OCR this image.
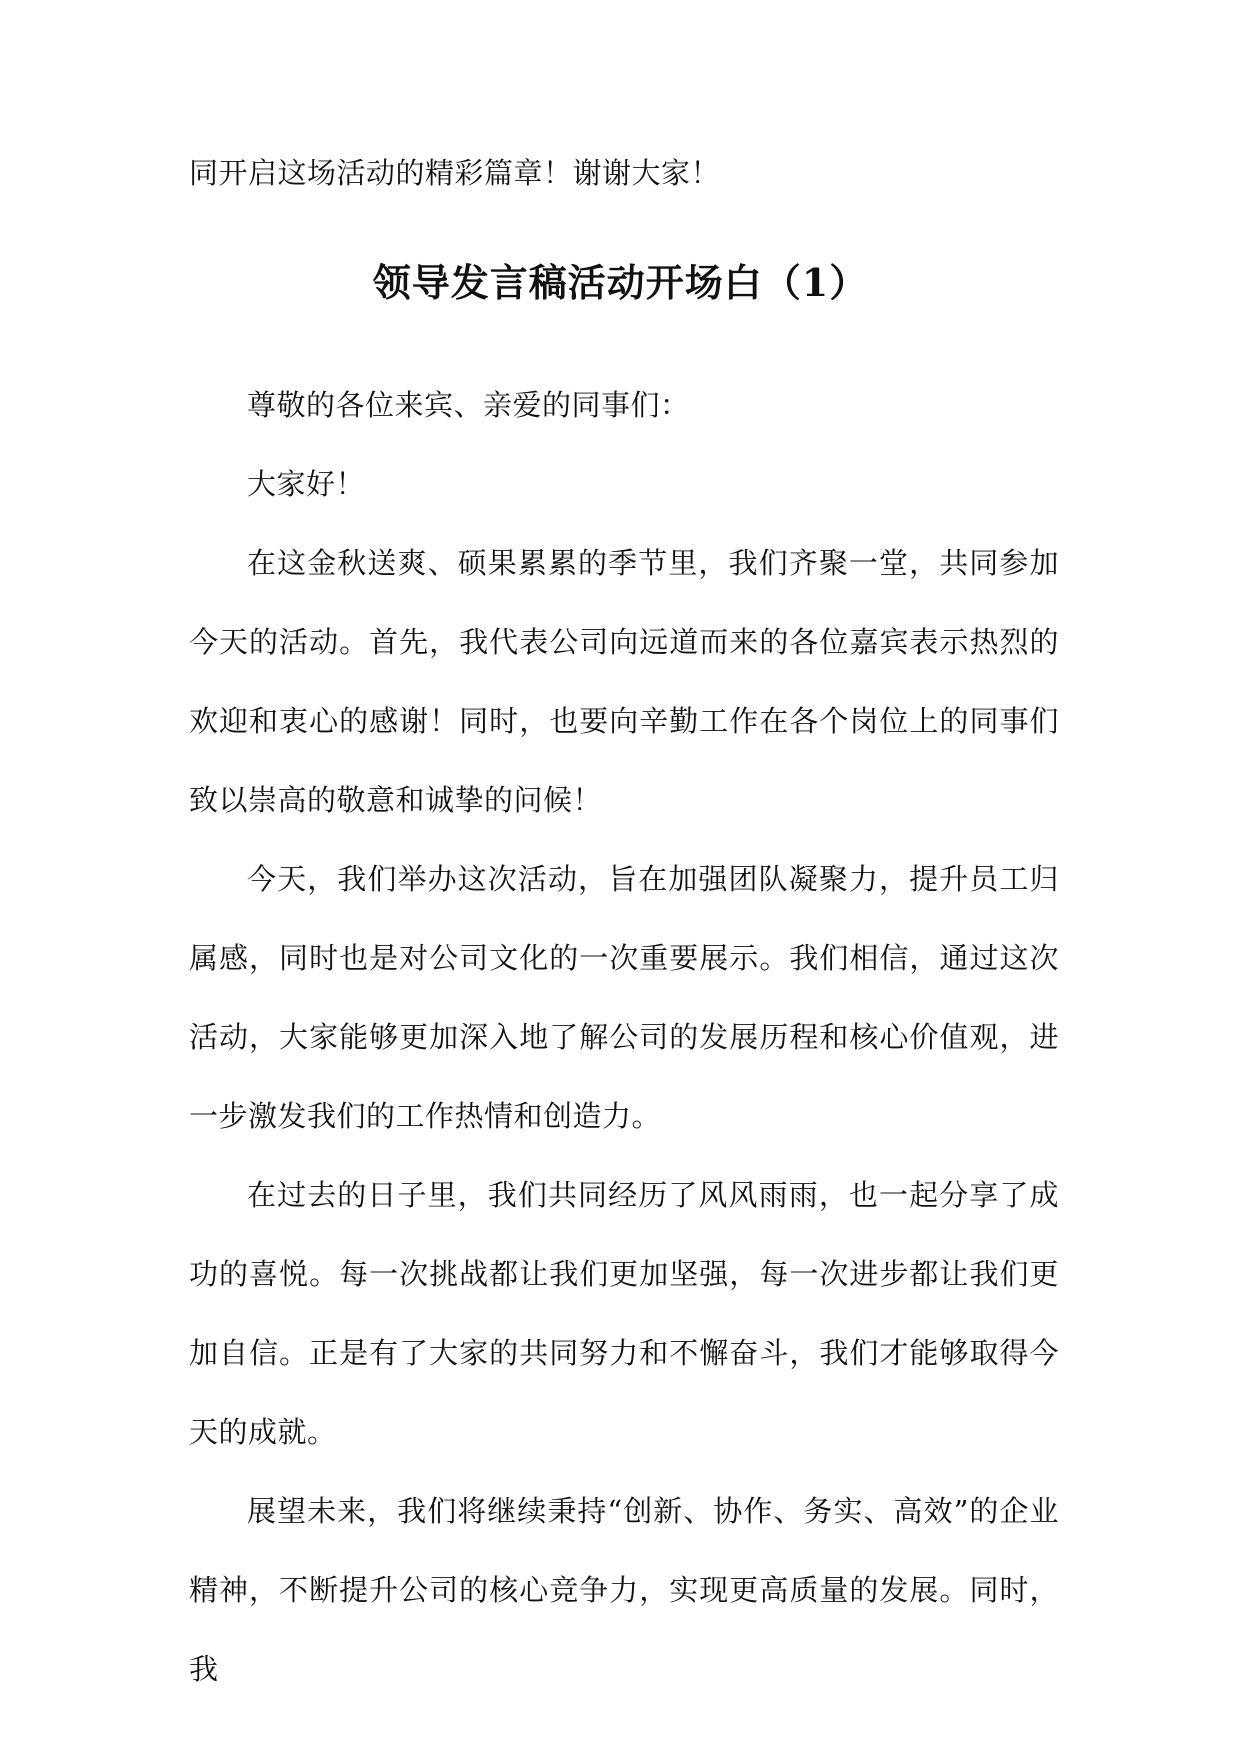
同开启这场活动的精彩篇章！谢谢大家！
领导发言稿活动开场白（1）

尊敬的各位来宾、亲爱的同事们：

大家好！

在这金秋送爽、硕果累累的季节里，我们齐聚一堂，共同参加今天的活动。首先，我代表公司向远道而来的各位嘉宾表示热烈的欢迎和衷心的感谢！同时，也要向辛勤工作在各个岗位上的同事们致以崇高的敬意和诚挚的问候！

今天，我们举办这次活动，旨在加强团队凝聚力，提升员工归属感，同时也是对公司文化的一次重要展示。我们相信，通过这次活动，大家能够更加深入地了解公司的发展历程和核心价值观，进一步激发我们的工作热情和创造力。

在过去的日子里，我们共同经历了风风雨雨，也一起分享了成功的喜悦。每一次挑战都让我们更加坚强，每一次进步都让我们更加自信。正是有了大家的共同努力和不懈奋斗，我们才能够取得今天的成就。

展望未来，我们将继续秉持“创新、协作、务实、高效”的企业精神，不断提升公司的核心竞争力，实现更高质量的发展。同时，我
